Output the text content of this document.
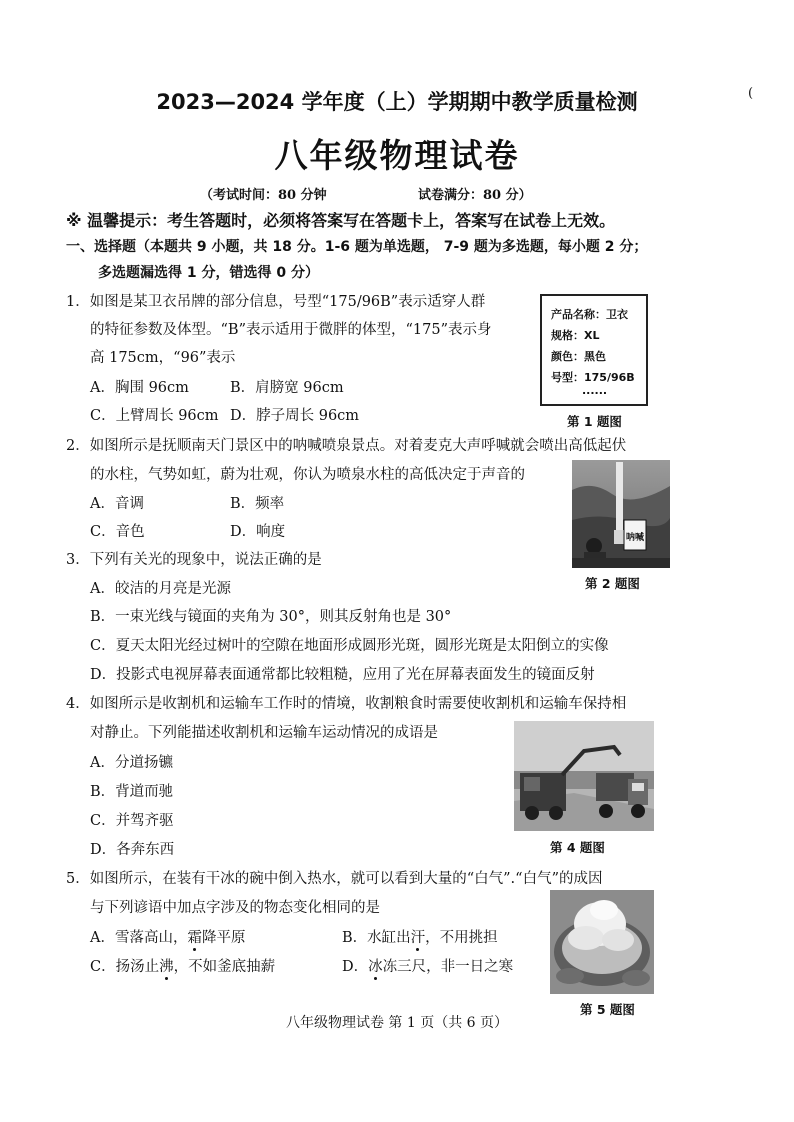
(
2023—2024 学年度（上）学期期中教学质量检测
八年级物理试卷
（考试时间：80 分钟	试卷满分：80 分）
※ 温馨提示：考生答题时，必须将答案写在答题卡上，答案写在试卷上无效。
一、选择题（本题共 9 小题，共 18 分。1-6 题为单选题， 7-9 题为多选题，每小题 2 分；
多选题漏选得 1 分，错选得 0 分）
1．如图是某卫衣吊牌的部分信息，号型“175/96B”表示适穿人群
的特征参数及体型。“B”表示适用于微胖的体型，“175”表示身
高 175cm，“96”表示
A．胸围 96cm	B．肩膀宽 96cm
C．上臂周长 96cm D．脖子周长 96cm
产品名称：卫衣
规格：XL
颜色：黑色
号型：175/96B
......
第 1 题图
2．如图所示是抚顺南天门景区中的呐喊喷泉景点。对着麦克大声呼喊就会喷出高低起伏
的水柱，气势如虹，蔚为壮观，你认为喷泉水柱的高低决定于声音的
A．音调	B．频率
C．音色	D．响度	呐喊
第 2 题图
3．下列有关光的现象中，说法正确的是
A．皎洁的月亮是光源
B．一束光线与镜面的夹角为 30°，则其反射角也是 30°
C．夏天太阳光经过树叶的空隙在地面形成圆形光斑，圆形光斑是太阳倒立的实像
D．投影式电视屏幕表面通常都比较粗糙，应用了光在屏幕表面发生的镜面反射
4．如图所示是收割机和运输车工作时的情境，收割粮食时需要使收割机和运输车保持相
对静止。下列能描述收割机和运输车运动情况的成语是
A．分道扬镳
B．背道而驰
C．并驾齐驱
D．各奔东西	第 4 题图
5．如图所示，在装有干冰的碗中倒入热水，就可以看到大量的“白气”.“白气”的成因
与下列谚语中加点字涉及的物态变化相同的是
A．雪落高山，霜降平原	B．水缸出汗，不用挑担
C．扬汤止沸，不如釜底抽薪	D．冰冻三尺，非一日之寒
第 5 题图
八年级物理试卷 第 1 页（共 6 页）
